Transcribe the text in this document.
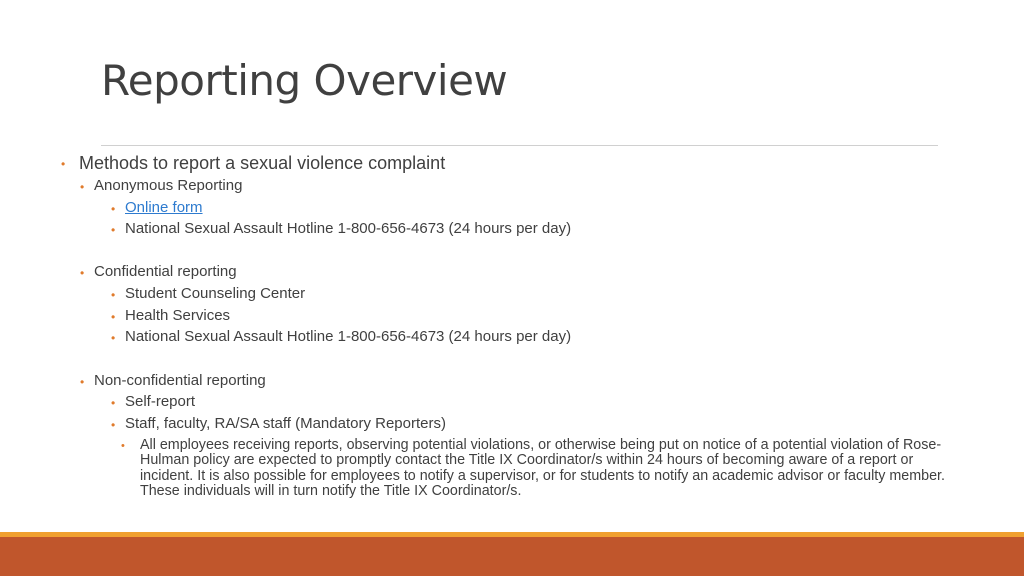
Reporting Overview
• Methods to report a sexual violence complaint
• Anonymous Reporting
• Online form
• National Sexual Assault Hotline 1-800-656-4673 (24 hours per day)
• Confidential reporting
• Student Counseling Center
• Health Services
• National Sexual Assault Hotline 1-800-656-4673 (24 hours per day)
• Non-confidential reporting
• Self-report
• Staff, faculty, RA/SA staff (Mandatory Reporters)
• All employees receiving reports, observing potential violations, or otherwise being put on notice of a potential violation of Rose-Hulman policy are expected to promptly contact the Title IX Coordinator/s within 24 hours of becoming aware of a report or incident. It is also possible for employees to notify a supervisor, or for students to notify an academic advisor or faculty member. These individuals will in turn notify the Title IX Coordinator/s.
